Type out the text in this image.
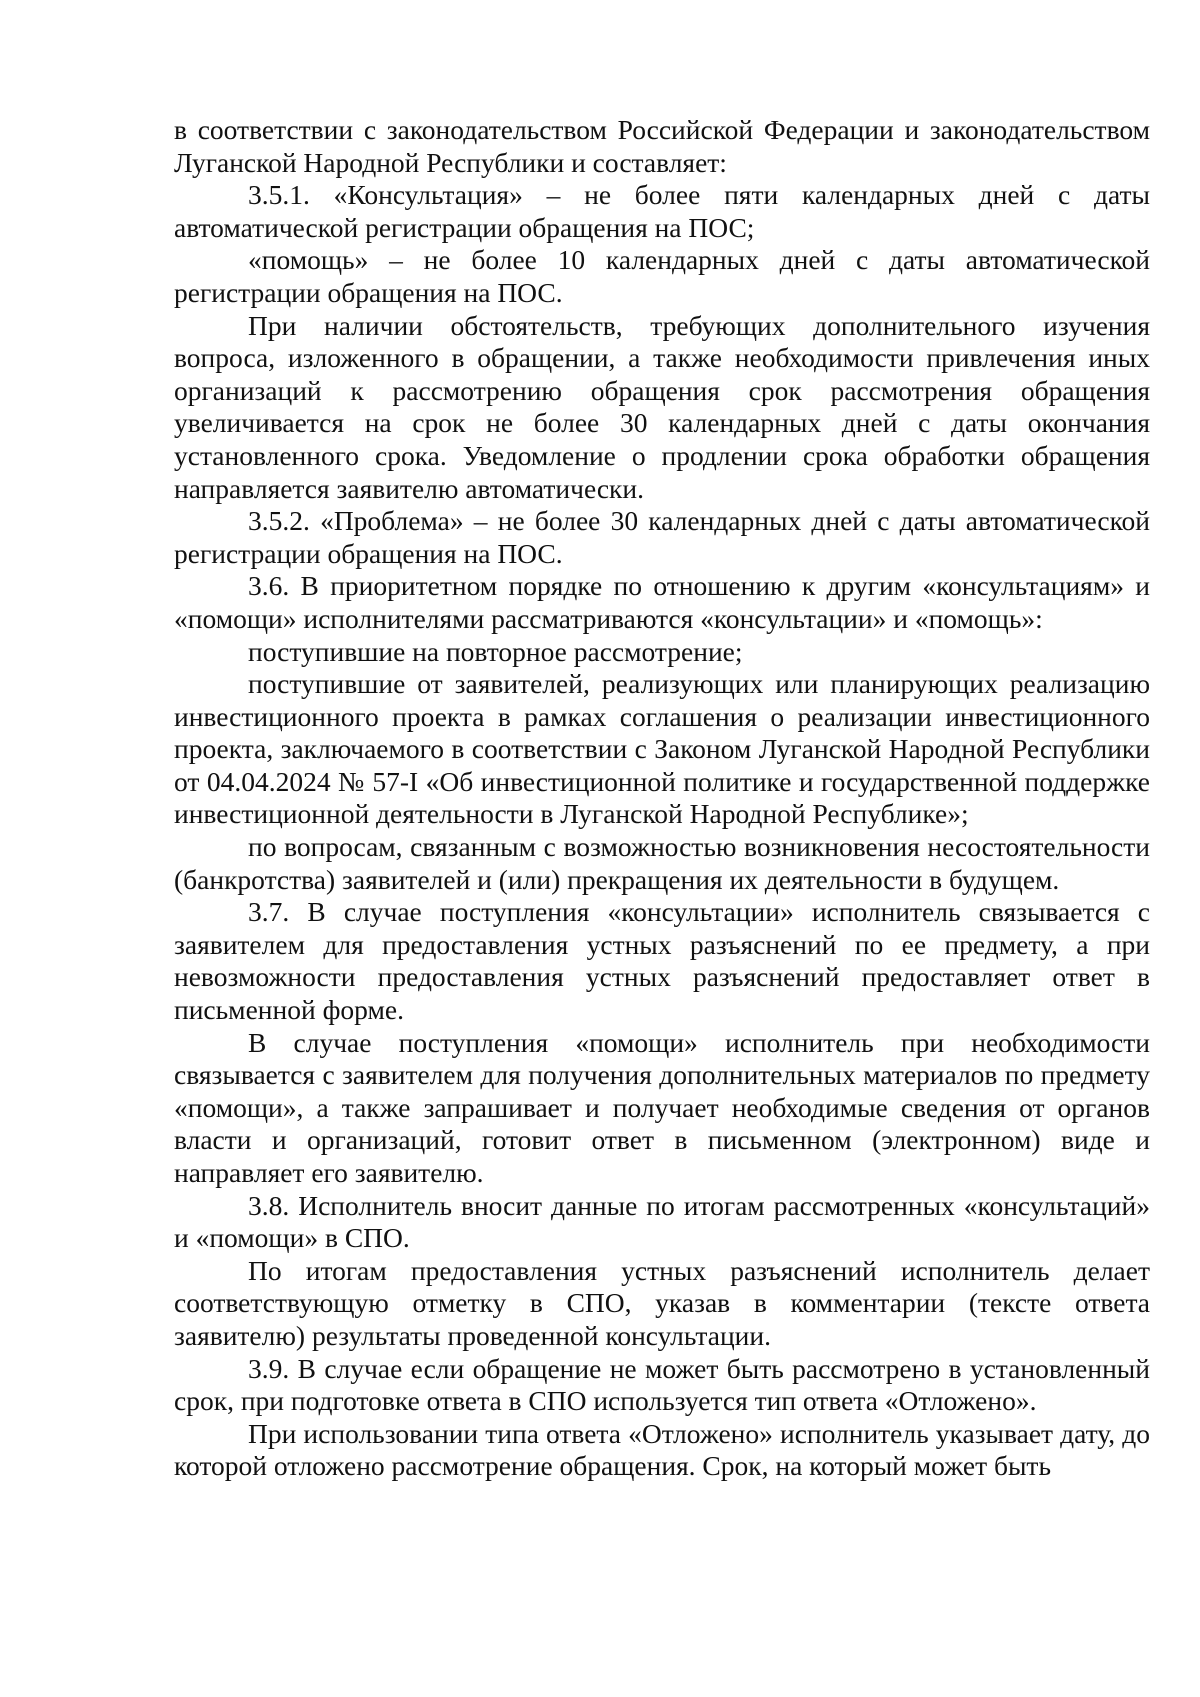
в соответствии с законодательством Российской Федерации и законодательством Луганской Народной Республики и составляет:

3.5.1. «Консультация» – не более пяти календарных дней с даты автоматической регистрации обращения на ПОС;

«помощь» – не более 10 календарных дней с даты автоматической регистрации обращения на ПОС.

При наличии обстоятельств, требующих дополнительного изучения вопроса, изложенного в обращении, а также необходимости привлечения иных организаций к рассмотрению обращения срок рассмотрения обращения увеличивается на срок не более 30 календарных дней с даты окончания установленного срока. Уведомление о продлении срока обработки обращения направляется заявителю автоматически.

3.5.2. «Проблема» – не более 30 календарных дней с даты автоматической регистрации обращения на ПОС.

3.6. В приоритетном порядке по отношению к другим «консультациям» и «помощи» исполнителями рассматриваются «консультации» и «помощь»:

поступившие на повторное рассмотрение;

поступившие от заявителей, реализующих или планирующих реализацию инвестиционного проекта в рамках соглашения о реализации инвестиционного проекта, заключаемого в соответствии с Законом Луганской Народной Республики от 04.04.2024 № 57-I «Об инвестиционной политике и государственной поддержке инвестиционной деятельности в Луганской Народной Республике»;

по вопросам, связанным с возможностью возникновения несостоятельности (банкротства) заявителей и (или) прекращения их деятельности в будущем.

3.7. В случае поступления «консультации» исполнитель связывается с заявителем для предоставления устных разъяснений по ее предмету, а при невозможности предоставления устных разъяснений предоставляет ответ в письменной форме.

В случае поступления «помощи» исполнитель при необходимости связывается с заявителем для получения дополнительных материалов по предмету «помощи», а также запрашивает и получает необходимые сведения от органов власти и организаций, готовит ответ в письменном (электронном) виде и направляет его заявителю.

3.8. Исполнитель вносит данные по итогам рассмотренных «консультаций» и «помощи» в СПО.

По итогам предоставления устных разъяснений исполнитель делает соответствующую отметку в СПО, указав в комментарии (тексте ответа заявителю) результаты проведенной консультации.

3.9. В случае если обращение не может быть рассмотрено в установленный срок, при подготовке ответа в СПО используется тип ответа «Отложено».

При использовании типа ответа «Отложено» исполнитель указывает дату, до которой отложено рассмотрение обращения. Срок, на который может быть
